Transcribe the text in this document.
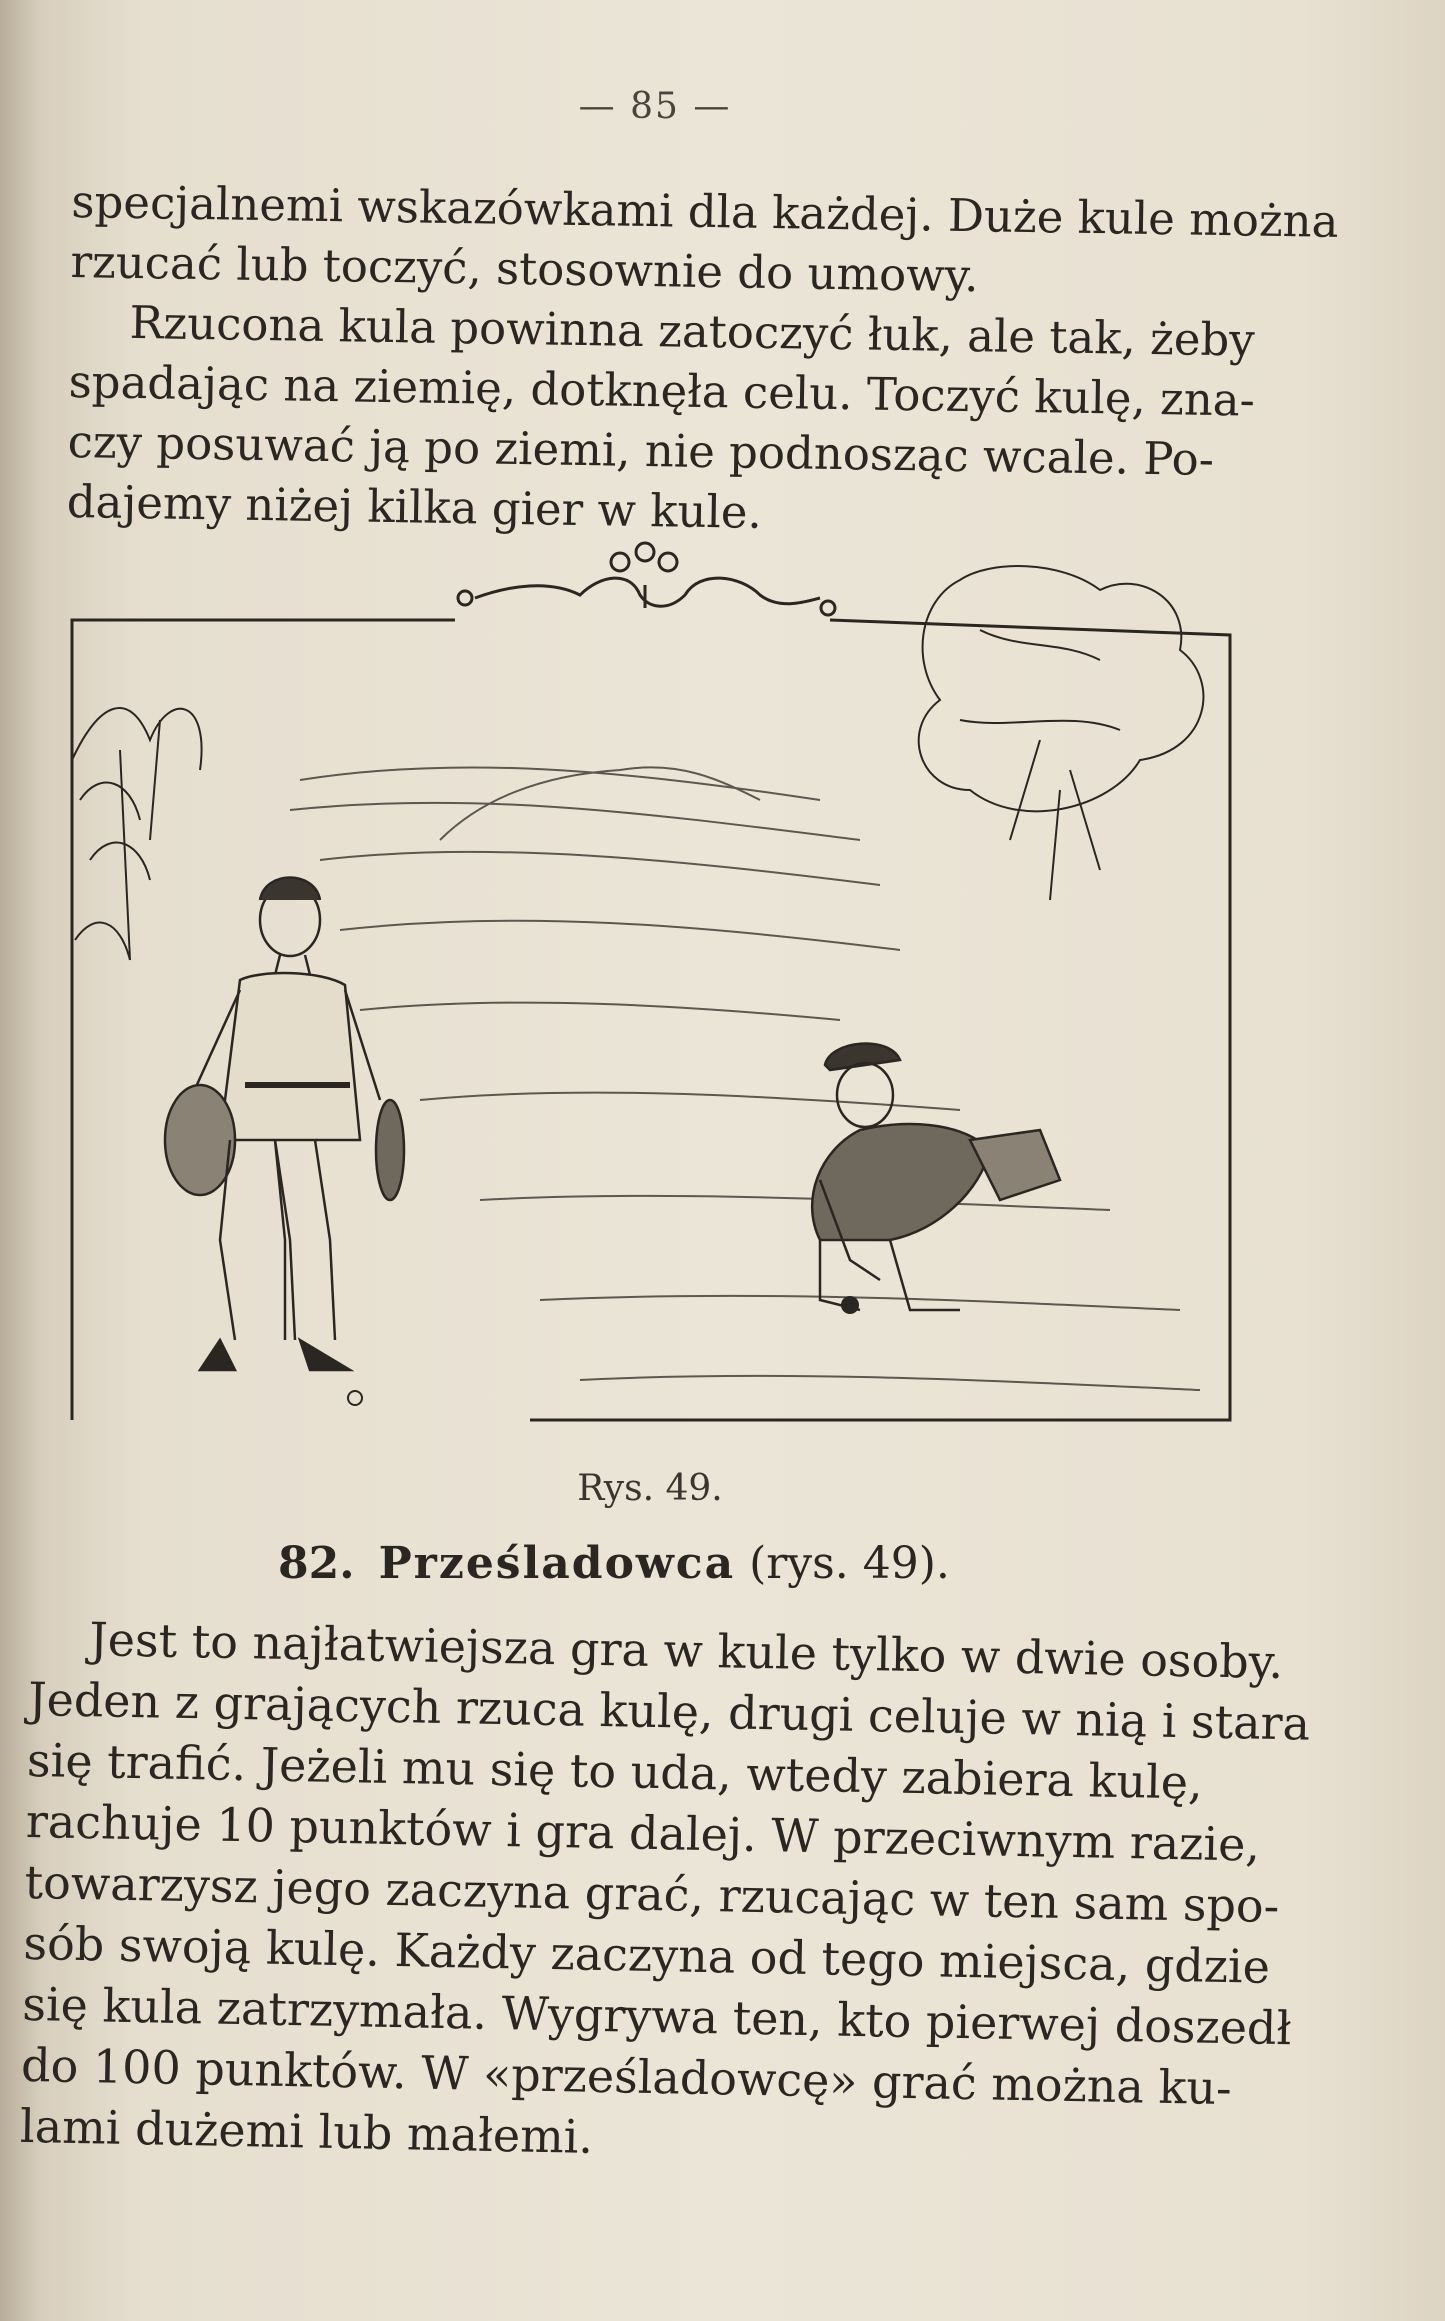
— 85 —
specjalnemi wskazówkami dla każdej. Duże kule można
rzucać lub toczyć, stosownie do umowy.
Rzucona kula powinna zatoczyć łuk, ale tak, żeby
spadając na ziemię, dotknęła celu. Toczyć kulę, zna-
czy posuwać ją po ziemi, nie podnosząc wcale. Po-
dajemy niżej kilka gier w kule.
Rys. 49.
82. Prześladowca (rys. 49).
Jest to najłatwiejsza gra w kule tylko w dwie osoby.
Jeden z grających rzuca kulę, drugi celuje w nią i stara
się trafić. Jeżeli mu się to uda, wtedy zabiera kulę,
rachuje 10 punktów i gra dalej. W przeciwnym razie,
towarzysz jego zaczyna grać, rzucając w ten sam spo-
sób swoją kulę. Każdy zaczyna od tego miejsca, gdzie
się kula zatrzymała. Wygrywa ten, kto pierwej doszedł
do 100 punktów. W «prześladowcę» grać można ku-
lami dużemi lub małemi.
